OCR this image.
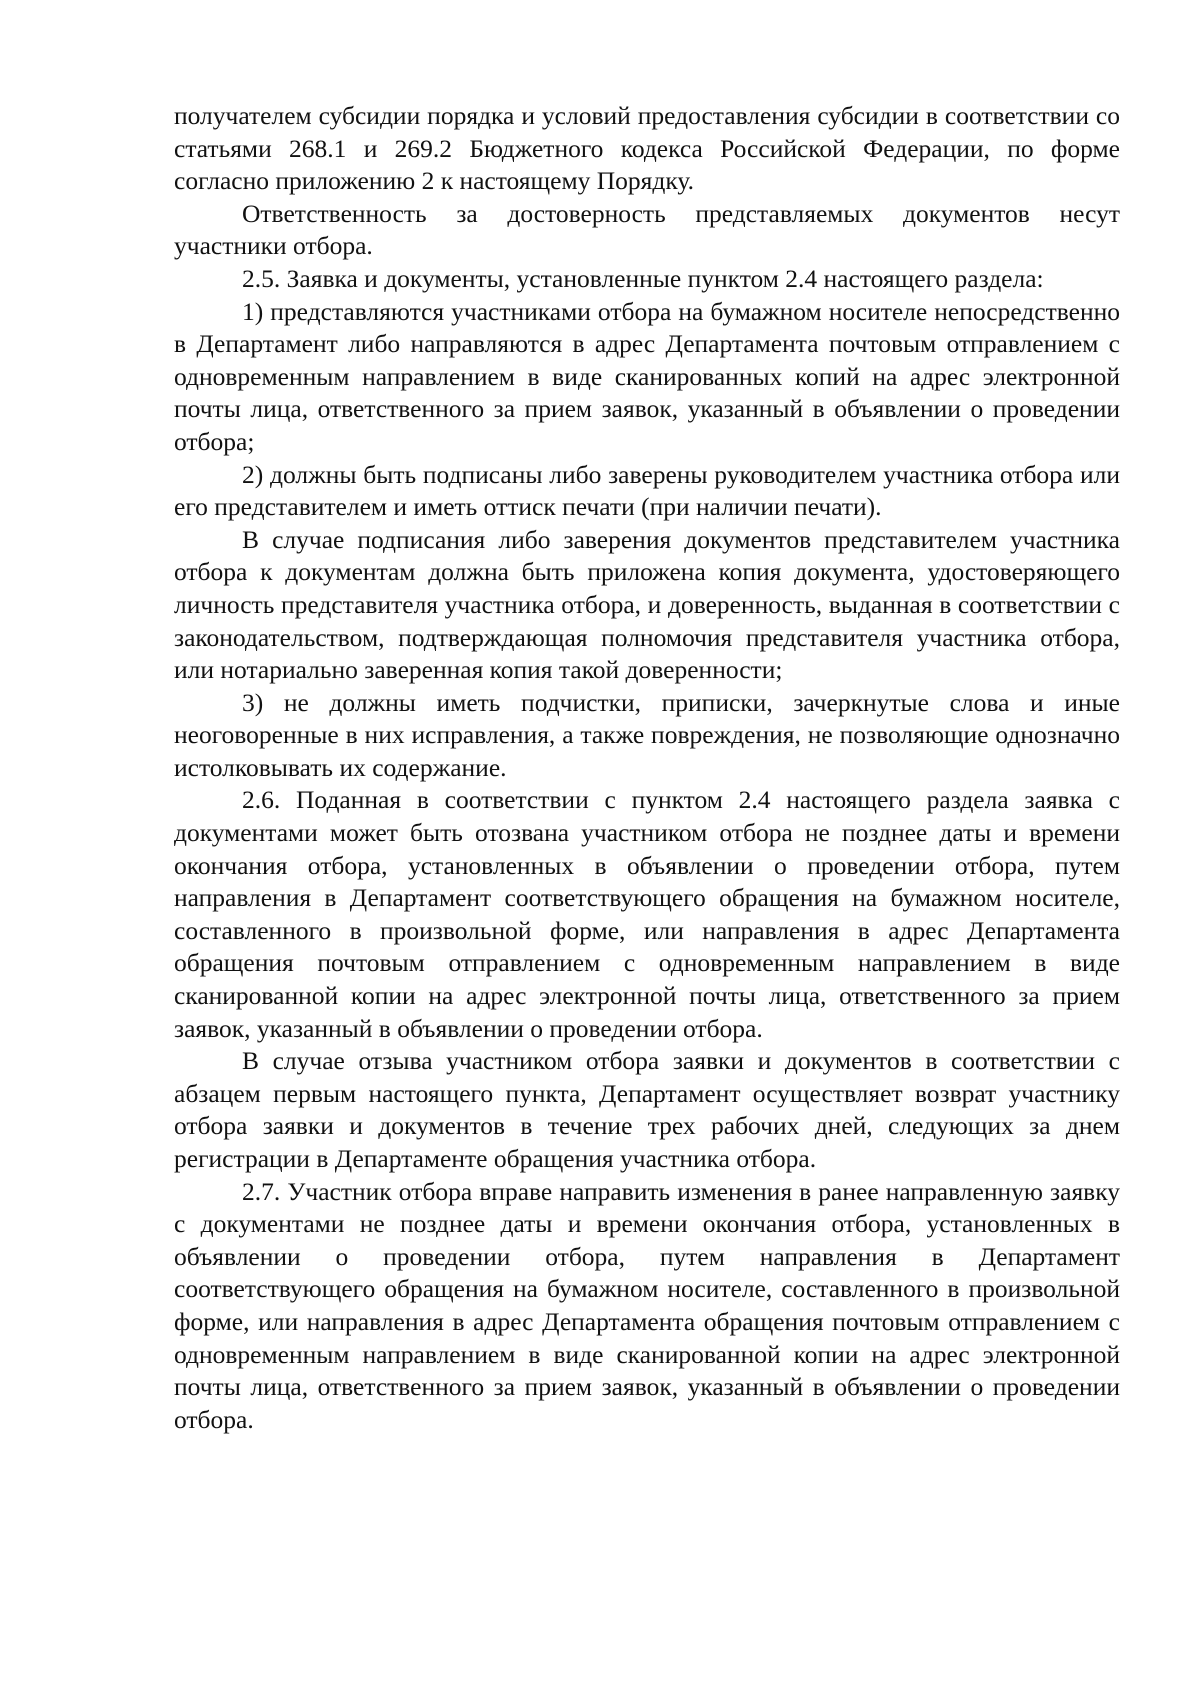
получателем субсидии порядка и условий предоставления субсидии в соответствии со статьями 268.1 и 269.2 Бюджетного кодекса Российской Федерации, по форме согласно приложению 2 к настоящему Порядку.

Ответственность за достоверность представляемых документов несут участники отбора.

2.5. Заявка и документы, установленные пунктом 2.4 настоящего раздела:

1) представляются участниками отбора на бумажном носителе непосредственно в Департамент либо направляются в адрес Департамента почтовым отправлением с одновременным направлением в виде сканированных копий на адрес электронной почты лица, ответственного за прием заявок, указанный в объявлении о проведении отбора;

2) должны быть подписаны либо заверены руководителем участника отбора или его представителем и иметь оттиск печати (при наличии печати).

В случае подписания либо заверения документов представителем участника отбора к документам должна быть приложена копия документа, удостоверяющего личность представителя участника отбора, и доверенность, выданная в соответствии с законодательством, подтверждающая полномочия представителя участника отбора, или нотариально заверенная копия такой доверенности;

3) не должны иметь подчистки, приписки, зачеркнутые слова и иные неоговоренные в них исправления, а также повреждения, не позволяющие однозначно истолковывать их содержание.

2.6. Поданная в соответствии с пунктом 2.4 настоящего раздела заявка с документами может быть отозвана участником отбора не позднее даты и времени окончания отбора, установленных в объявлении о проведении отбора, путем направления в Департамент соответствующего обращения на бумажном носителе, составленного в произвольной форме, или направления в адрес Департамента обращения почтовым отправлением с одновременным направлением в виде сканированной копии на адрес электронной почты лица, ответственного за прием заявок, указанный в объявлении о проведении отбора.

В случае отзыва участником отбора заявки и документов в соответствии с абзацем первым настоящего пункта, Департамент осуществляет возврат участнику отбора заявки и документов в течение трех рабочих дней, следующих за днем регистрации в Департаменте обращения участника отбора.

2.7. Участник отбора вправе направить изменения в ранее направленную заявку с документами не позднее даты и времени окончания отбора, установленных в объявлении о проведении отбора, путем направления в Департамент соответствующего обращения на бумажном носителе, составленного в произвольной форме, или направления в адрес Департамента обращения почтовым отправлением с одновременным направлением в виде сканированной копии на адрес электронной почты лица, ответственного за прием заявок, указанный в объявлении о проведении отбора.
